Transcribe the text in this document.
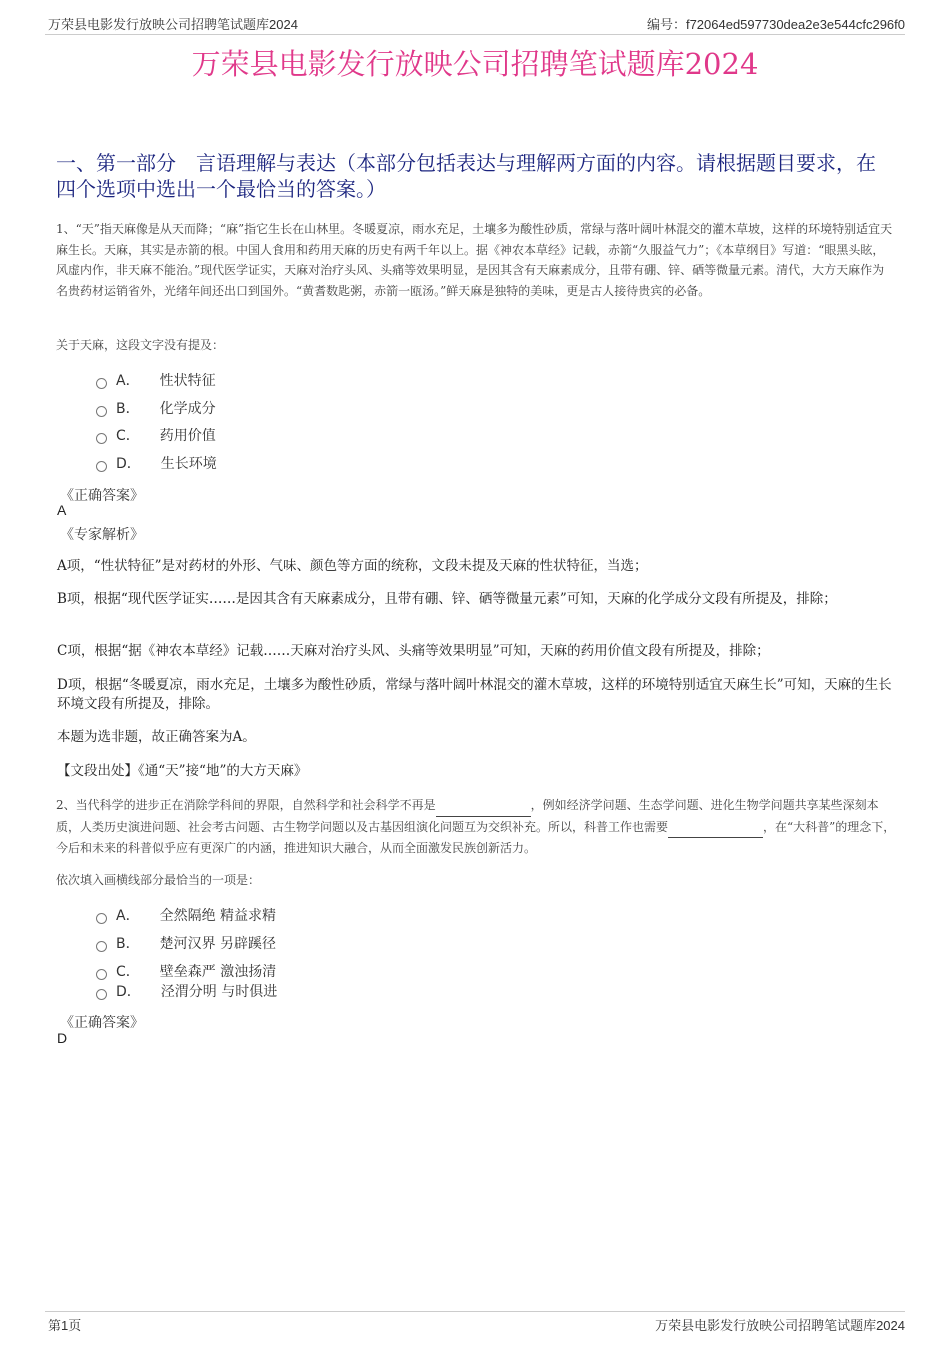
万荣县电影发行放映公司招聘笔试题库2024	编号：f72064ed597730dea2e3e544cfc296f0
万荣县电影发行放映公司招聘笔试题库2024
一、第一部分　言语理解与表达（本部分包括表达与理解两方面的内容。请根据题目要求，在四个选项中选出一个最恰当的答案。）
1、“天”指天麻像是从天而降；“麻”指它生长在山林里。冬暖夏凉，雨水充足，土壤多为酸性砂质，常绿与落叶阔叶林混交的灌木草坡，这样的环境特别适宜天麻生长。天麻，其实是赤箭的根。中国人食用和药用天麻的历史有两千年以上。据《神农本草经》记载，赤箭“久服益气力”；《本草纲目》写道：“眼黑头眩，风虚内作，非天麻不能治。”现代医学证实，天麻对治疗头风、头痛等效果明显，是因其含有天麻素成分，且带有硼、锌、硒等微量元素。清代，大方天麻作为名贵药材运销省外，光绪年间还出口到国外。“黄耆数匙粥，赤箭一瓯汤。”鲜天麻是独特的美味，更是古人接待贵宾的必备。
关于天麻，这段文字没有提及：
A． 性状特征
B． 化学成分
C． 药用价值
D． 生长环境
《正确答案》
A
《专家解析》
A项，“性状特征”是对药材的外形、气味、颜色等方面的统称，文段未提及天麻的性状特征，当选；
B项，根据“现代医学证实……是因其含有天麻素成分，且带有硼、锌、硒等微量元素”可知，天麻的化学成分文段有所提及，排除；
C项，根据“据《神农本草经》记载……天麻对治疗头风、头痛等效果明显”可知，天麻的药用价值文段有所提及，排除；
D项，根据“冬暖夏凉，雨水充足，土壤多为酸性砂质，常绿与落叶阔叶林混交的灌木草坡，这样的环境特别适宜天麻生长”可知，天麻的生长环境文段有所提及，排除。
本题为选非题，故正确答案为A。
【文段出处】《通“天”接“地”的大方天麻》
2、当代科学的进步正在消除学科间的界限，自然科学和社会科学不再是	，例如经济学问题、生态学问题、进化生物学问题共享某些深刻本质，人类历史演进问题、社会考古问题、古生物学问题以及古基因组演化问题互为交织补充。所以，科普工作也需要	，在“大科普”的理念下，今后和未来的科普似乎应有更深广的内涵，推进知识大融合，从而全面激发民族创新活力。
依次填入画横线部分最恰当的一项是：
A． 全然隔绝 精益求精
B． 楚河汉界 另辟蹊径
C． 壁垒森严 激浊扬清
D． 泾渭分明 与时俱进
《正确答案》
D
第1页	万荣县电影发行放映公司招聘笔试题库2024
